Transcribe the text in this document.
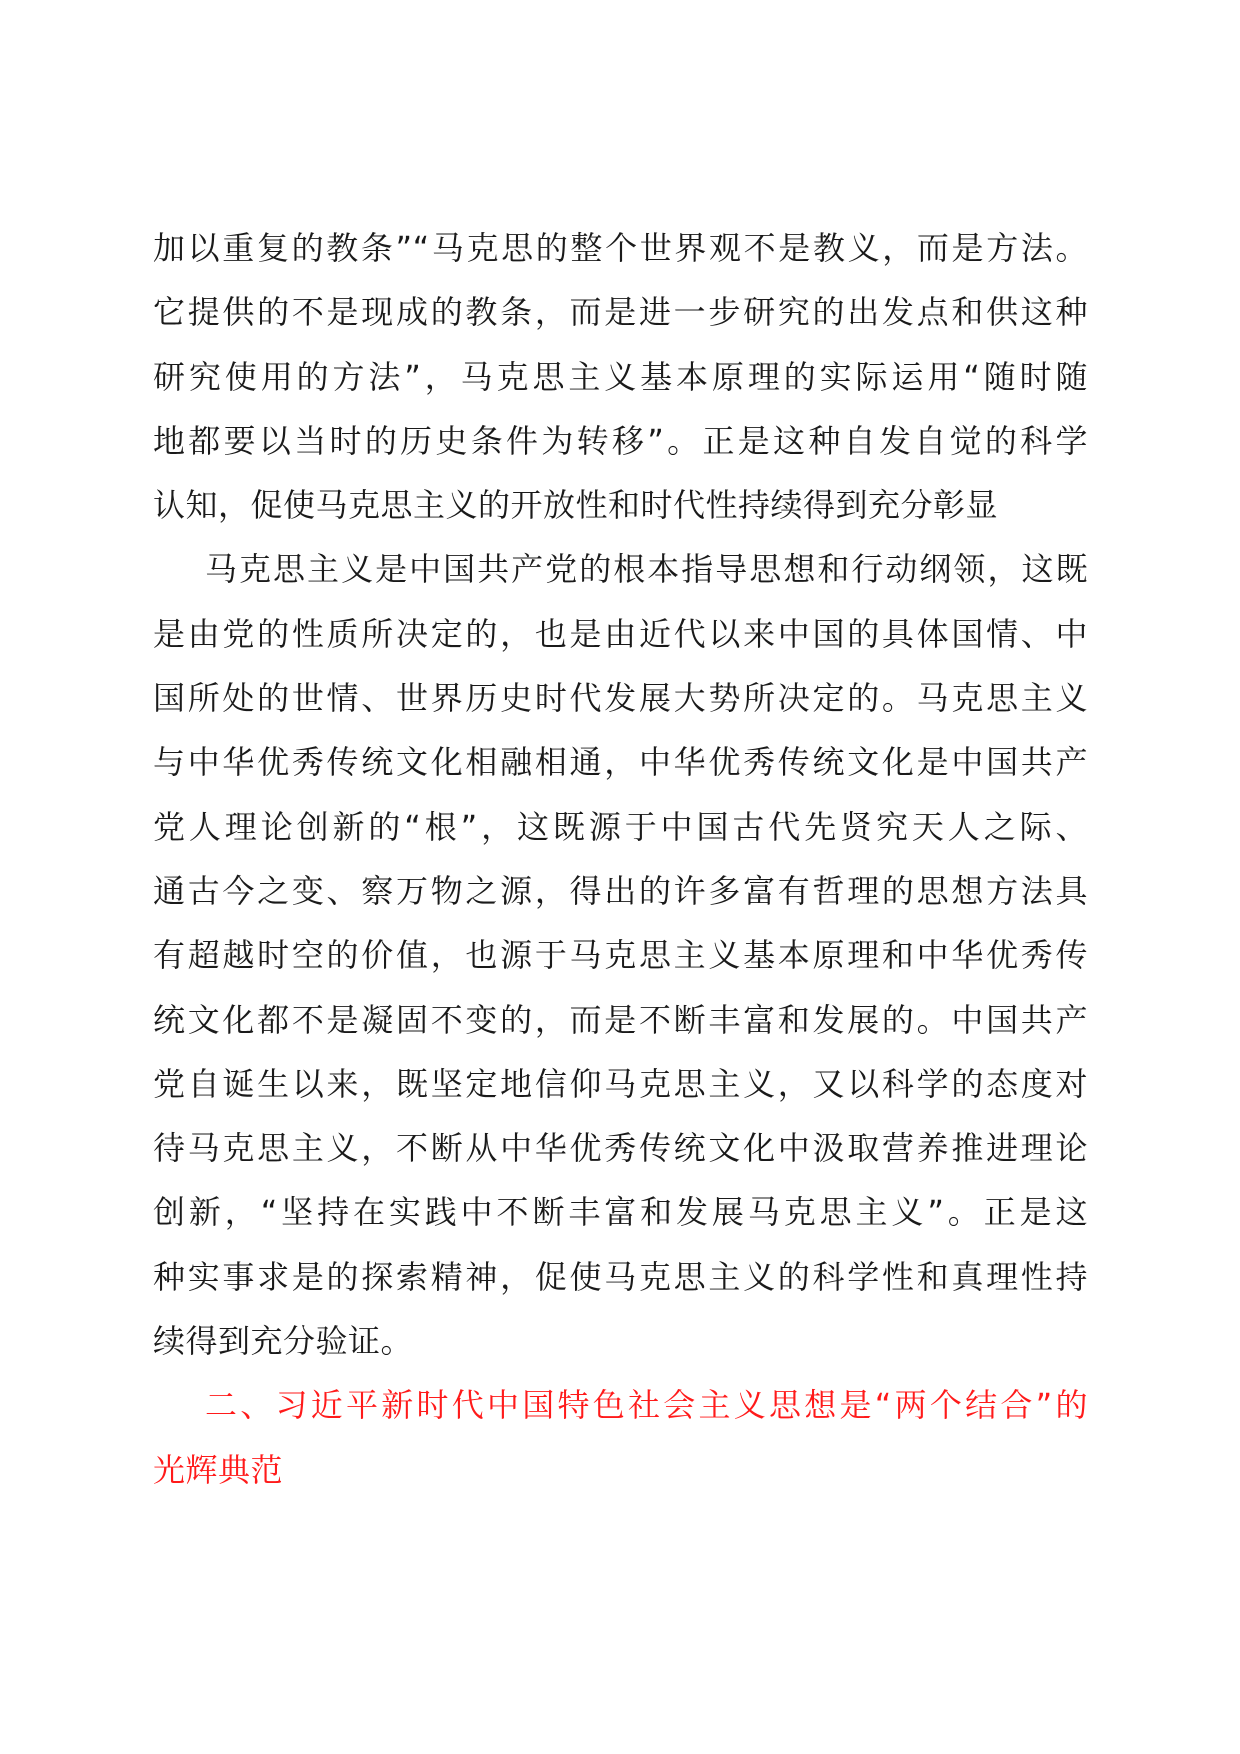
加以重复的教条”“马克思的整个世界观不是教义，而是方法。
它提供的不是现成的教条，而是进一步研究的出发点和供这种
研究使用的方法”，马克思主义基本原理的实际运用“随时随
地都要以当时的历史条件为转移”。正是这种自发自觉的科学
认知，促使马克思主义的开放性和时代性持续得到充分彰显
马克思主义是中国共产党的根本指导思想和行动纲领，这既
是由党的性质所决定的，也是由近代以来中国的具体国情、中
国所处的世情、世界历史时代发展大势所决定的。马克思主义
与中华优秀传统文化相融相通，中华优秀传统文化是中国共产
党人理论创新的“根”，这既源于中国古代先贤究天人之际、
通古今之变、察万物之源，得出的许多富有哲理的思想方法具
有超越时空的价值，也源于马克思主义基本原理和中华优秀传
统文化都不是凝固不变的，而是不断丰富和发展的。中国共产
党自诞生以来，既坚定地信仰马克思主义，又以科学的态度对
待马克思主义，不断从中华优秀传统文化中汲取营养推进理论
创新，“坚持在实践中不断丰富和发展马克思主义”。正是这
种实事求是的探索精神，促使马克思主义的科学性和真理性持
续得到充分验证。
二、习近平新时代中国特色社会主义思想是“两个结合”的
光辉典范
